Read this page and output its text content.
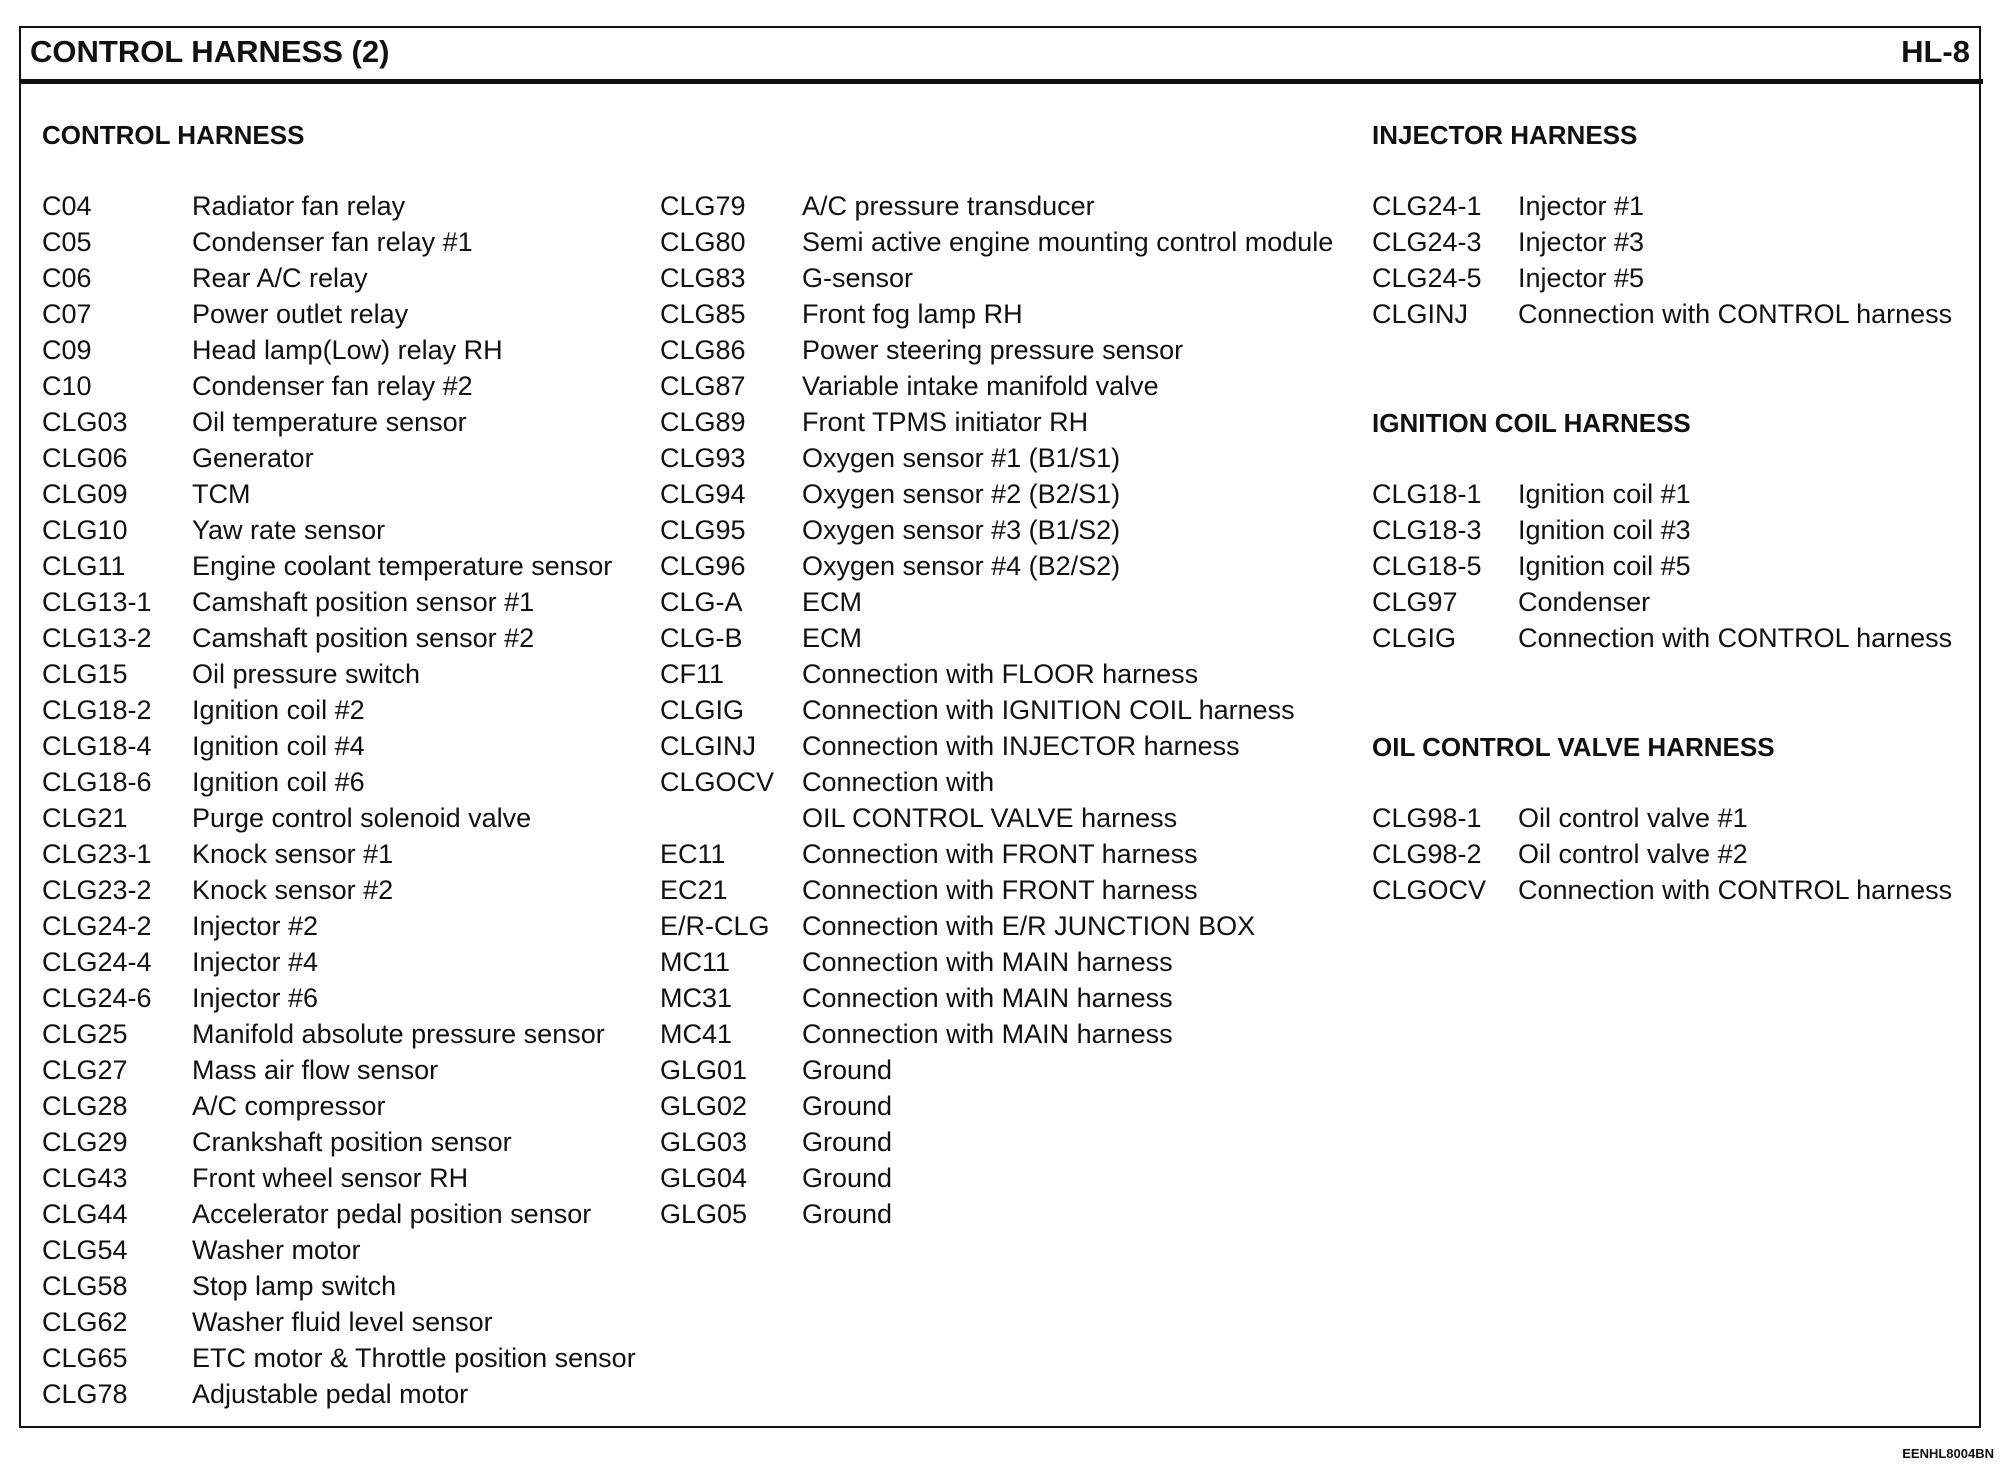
CONTROL HARNESS (2)	HL-8
CONTROL HARNESS	INJECTOR HARNESS
IGNITION COIL HARNESS
OIL CONTROL VALVE HARNESS
C04	Radiator fan relay
C05	Condenser fan relay #1
C06	Rear A/C relay
C07	Power outlet relay
C09	Head lamp(Low) relay RH
C10	Condenser fan relay #2
CLG03 Oil temperature sensor
CLG06 Generator
CLG09 TCM
CLG10 Yaw rate sensor
CLG11 Engine coolant temperature sensor
CLG13-1 Camshaft position sensor #1
CLG13-2 Camshaft position sensor #2
CLG15 Oil pressure switch
CLG18-2 Ignition coil #2
CLG18-4 Ignition coil #4
CLG18-6 Ignition coil #6
CLG21 Purge control solenoid valve
CLG23-1 Knock sensor #1
CLG23-2 Knock sensor #2
CLG24-2 Injector #2
CLG24-4 Injector #4
CLG24-6 Injector #6
CLG25 Manifold absolute pressure sensor
CLG27 Mass air flow sensor
CLG28 A/C compressor
CLG29 Crankshaft position sensor
CLG43 Front wheel sensor RH
CLG44 Accelerator pedal position sensor
CLG54 Washer motor
CLG58 Stop lamp switch
CLG62 Washer fluid level sensor
CLG65 ETC motor & Throttle position sensor
CLG78 Adjustable pedal motor
CLG79 A/C pressure transducer
CLG80 Semi active engine mounting control module
CLG83 G-sensor
CLG85 Front fog lamp RH
CLG86 Power steering pressure sensor
CLG87 Variable intake manifold valve
CLG89 Front TPMS initiator RH
CLG93 Oxygen sensor #1 (B1/S1)
CLG94 Oxygen sensor #2 (B2/S1)
CLG95 Oxygen sensor #3 (B1/S2)
CLG96 Oxygen sensor #4 (B2/S2)
CLG-A ECM
CLG-B ECM
CF11	Connection with FLOOR harness
CLGIG Connection with IGNITION COIL harness
CLGINJ Connection with INJECTOR harness
CLGOCV Connection with
OIL CONTROL VALVE harness
EC11	Connection with FRONT harness
EC21	Connection with FRONT harness
E/R-CLG Connection with E/R JUNCTION BOX
MC11	Connection with MAIN harness
MC31	Connection with MAIN harness
MC41	Connection with MAIN harness
GLG01 Ground
GLG02 Ground
GLG03 Ground
GLG04 Ground
GLG05 Ground
CLG24-1 Injector #1
CLG24-3 Injector #3
CLG24-5 Injector #5
CLGINJ Connection with CONTROL harness
CLG18-1 Ignition coil #1
CLG18-3 Ignition coil #3
CLG18-5 Ignition coil #5
CLG97 Condenser
CLGIG Connection with CONTROL harness
CLG98-1 Oil control valve #1
CLG98-2 Oil control valve #2
CLGOCV Connection with CONTROL harness
EENHL8004BN
